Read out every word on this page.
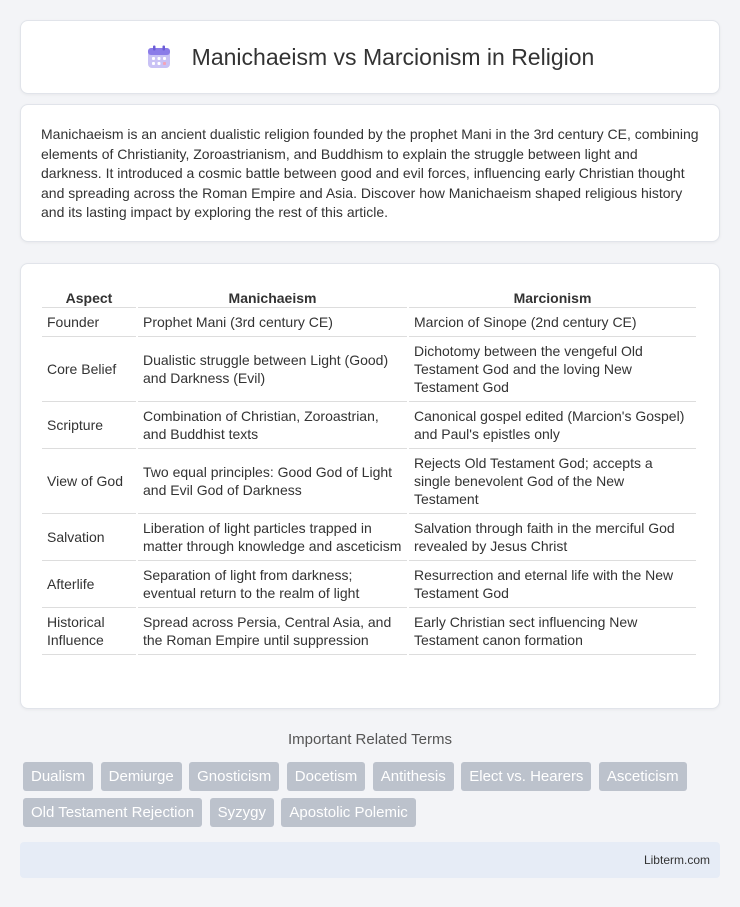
Manichaeism vs Marcionism in Religion

Manichaeism is an ancient dualistic religion founded by the prophet Mani in the 3rd century CE, combining elements of Christianity, Zoroastrianism, and Buddhism to explain the struggle between light and darkness. It introduced a cosmic battle between good and evil forces, influencing early Christian thought and spreading across the Roman Empire and Asia. Discover how Manichaeism shaped religious history and its lasting impact by exploring the rest of this article.

Aspect	Manichaeism	Marcionism
Founder	Prophet Mani (3rd century CE)	Marcion of Sinope (2nd century CE)
Core Belief	Dualistic struggle between Light (Good) and Darkness (Evil)	Dichotomy between the vengeful Old Testament God and the loving New Testament God
Scripture	Combination of Christian, Zoroastrian, and Buddhist texts	Canonical gospel edited (Marcion's Gospel) and Paul's epistles only
View of God	Two equal principles: Good God of Light and Evil God of Darkness	Rejects Old Testament God; accepts a single benevolent God of the New Testament
Salvation	Liberation of light particles trapped in matter through knowledge and asceticism	Salvation through faith in the merciful God revealed by Jesus Christ
Afterlife	Separation of light from darkness; eventual return to the realm of light	Resurrection and eternal life with the New Testament God
Historical Influence	Spread across Persia, Central Asia, and the Roman Empire until suppression	Early Christian sect influencing New Testament canon formation
Important Related Terms
Dualism Demiurge Gnosticism Docetism Antithesis Elect vs. Hearers Asceticism Old Testament Rejection Syzygy Apostolic Polemic
Libterm.com
